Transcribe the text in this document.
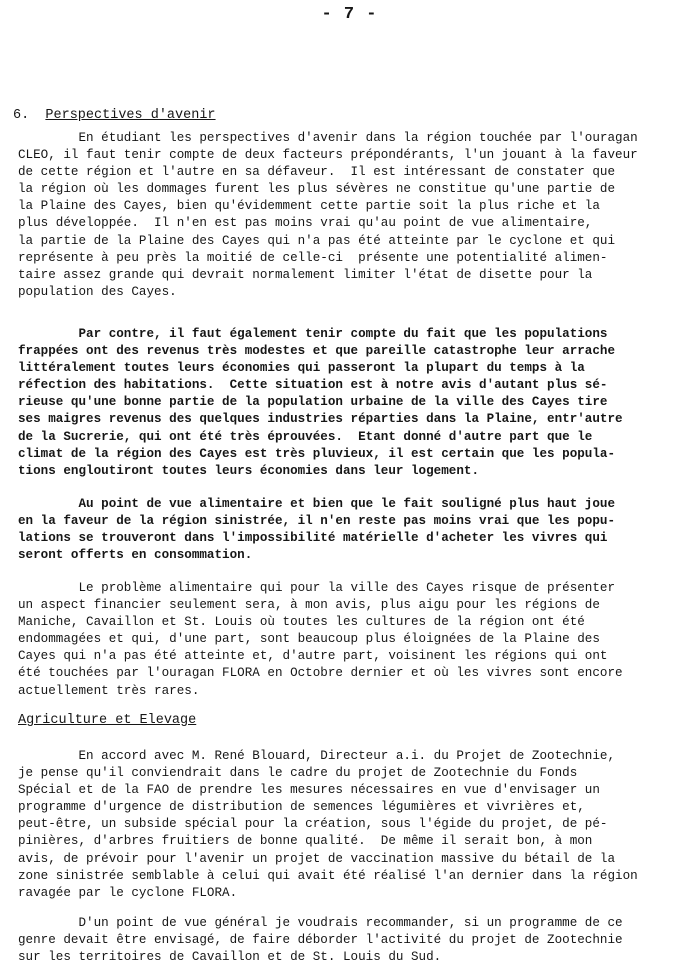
- 7 -
6. Perspectives d'avenir
En étudiant les perspectives d'avenir dans la région touchée par l'ouragan
CLEO, il faut tenir compte de deux facteurs prépondérants, l'un jouant à la faveur
de cette région et l'autre en sa défaveur.  Il est intéressant de constater que
la région où les dommages furent les plus sévères ne constitue qu'une partie de
la Plaine des Cayes, bien qu'évidemment cette partie soit la plus riche et la
plus développée.  Il n'en est pas moins vrai qu'au point de vue alimentaire,
la partie de la Plaine des Cayes qui n'a pas été atteinte par le cyclone et qui
représente à peu près la moitié de celle-ci  présente une potentialité alimen-
taire assez grande qui devrait normalement limiter l'état de disette pour la
population des Cayes.
Par contre, il faut également tenir compte du fait que les populations
frappées ont des revenus très modestes et que pareille catastrophe leur arrache
littéralement toutes leurs économies qui passeront la plupart du temps à la
réfection des habitations.  Cette situation est à notre avis d'autant plus sé-
rieuse qu'une bonne partie de la population urbaine de la ville des Cayes tire
ses maigres revenus des quelques industries réparties dans la Plaine, entr'autre
de la Sucrerie, qui ont été très éprouvées.  Etant donné d'autre part que le
climat de la région des Cayes est très pluvieux, il est certain que les popula-
tions engloutiront toutes leurs économies dans leur logement.
Au point de vue alimentaire et bien que le fait souligné plus haut joue
en la faveur de la région sinistrée, il n'en reste pas moins vrai que les popu-
lations se trouveront dans l'impossibilité matérielle d'acheter les vivres qui
seront offerts en consommation.
Le problème alimentaire qui pour la ville des Cayes risque de présenter
un aspect financier seulement sera, à mon avis, plus aigu pour les régions de
Maniche, Cavaillon et St. Louis où toutes les cultures de la région ont été
endommagées et qui, d'une part, sont beaucoup plus éloignées de la Plaine des
Cayes qui n'a pas été atteinte et, d'autre part, voisinent les régions qui ont
été touchées par l'ouragan FLORA en Octobre dernier et où les vivres sont encore
actuellement très rares.
Agriculture et Elevage
En accord avec M. René Blouard, Directeur a.i. du Projet de Zootechnie,
je pense qu'il conviendrait dans le cadre du projet de Zootechnie du Fonds
Spécial et de la FAO de prendre les mesures nécessaires en vue d'envisager un
programme d'urgence de distribution de semences légumières et vivrières et,
peut-être, un subside spécial pour la création, sous l'égide du projet, de pé-
pinières, d'arbres fruitiers de bonne qualité.  De même il serait bon, à mon
avis, de prévoir pour l'avenir un projet de vaccination massive du bétail de la
zone sinistrée semblable à celui qui avait été réalisé l'an dernier dans la région
ravagée par le cyclone FLORA.
D'un point de vue général je voudrais recommander, si un programme de ce
genre devait être envisagé, de faire déborder l'activité du projet de Zootechnie
sur les territoires de Cavaillon et de St. Louis du Sud.
